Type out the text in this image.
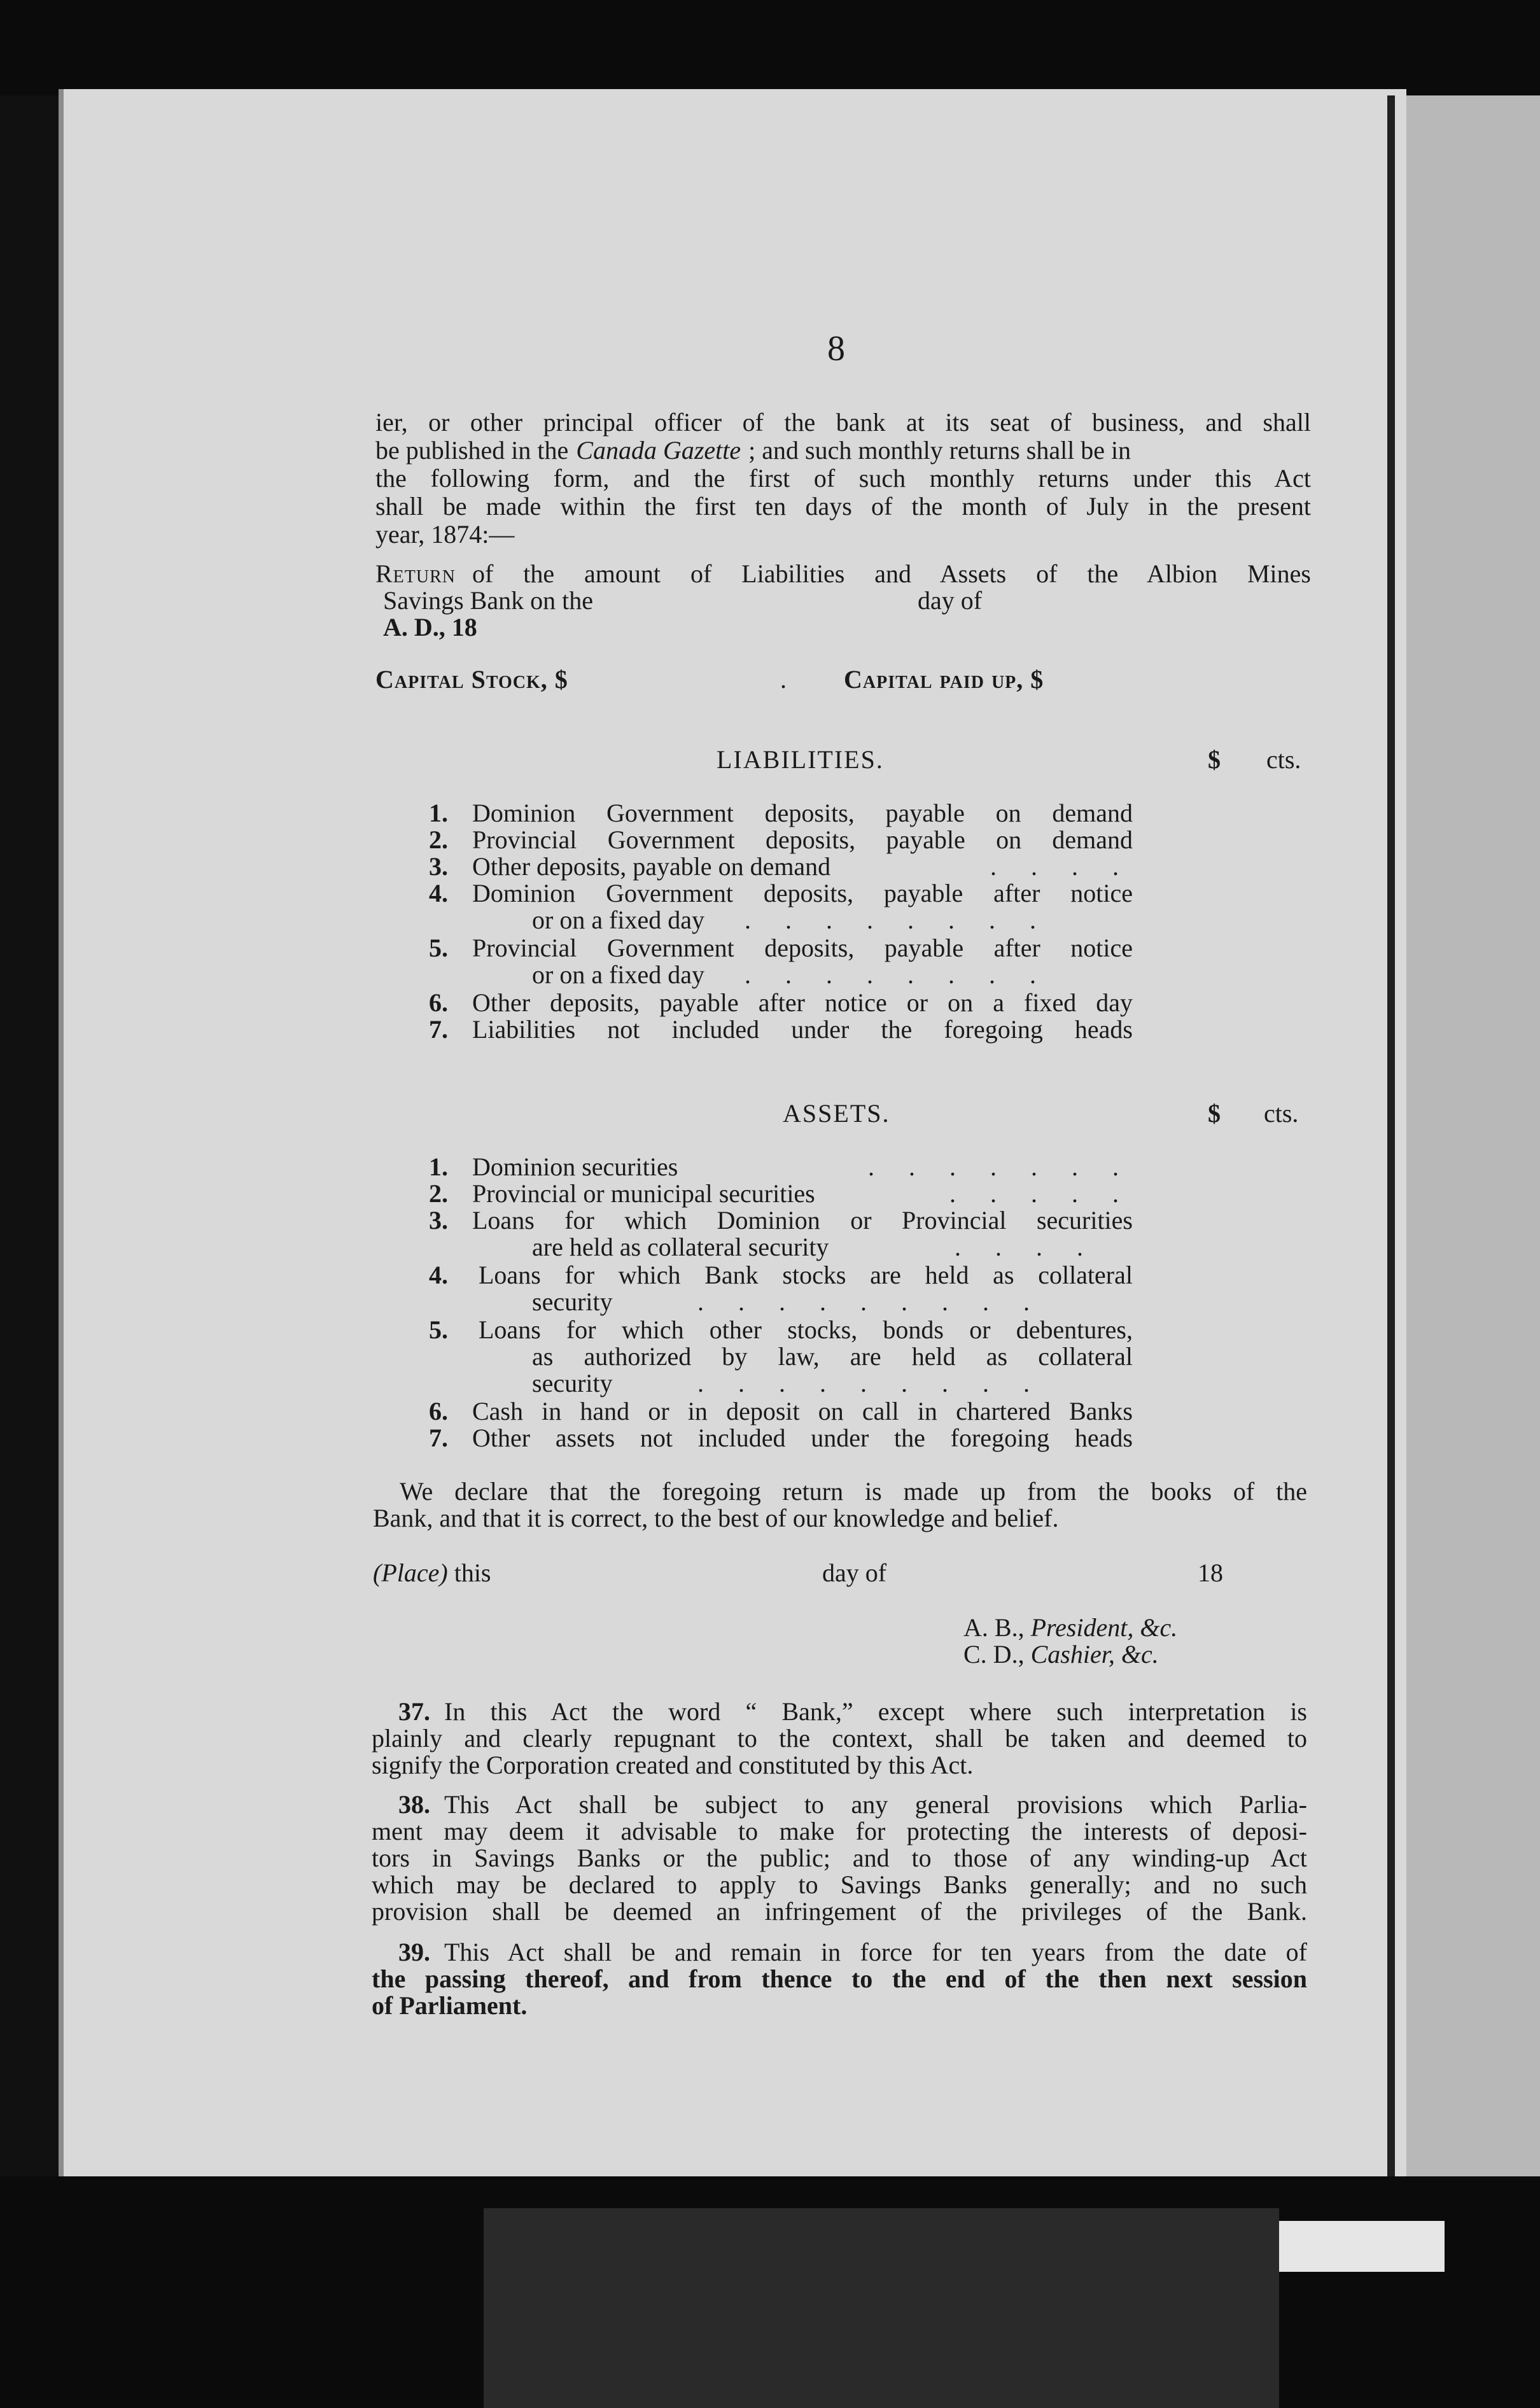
8
ier, or other principal officer of the bank at its seat of business, and shall
be published in the Canada Gazette ; and such monthly returns shall be in
the following form, and the first of such monthly returns under this Act
shall be made within the first ten days of the month of July in the present
year, 1874:—
Return of the amount of Liabilities and Assets of the Albion Mines
Savings Bank on the	day of
A. D., 18
Capital Stock, $	. Capital paid up, $
LIABILITIES.	$ cts.
1. Dominion Government deposits, payable on demand
2. Provincial Government deposits, payable on demand
3. Other deposits, payable on demand	. . . .
4. Dominion Government deposits, payable after notice
or on a fixed day . . . . . . . .
5. Provincial Government deposits, payable after notice
or on a fixed day . . . . . . . .
6. Other deposits, payable after notice or on a fixed day
7. Liabilities not included under the foregoing heads
ASSETS.	$ cts.
1. Dominion securities	. . . . . . .
2. Provincial or municipal securities	. . . . .
3. Loans for which Dominion or Provincial securities
are held as collateral security	. . . .
4. Loans for which Bank stocks are held as collateral
security	. . . . . . . . .
5. Loans for which other stocks, bonds or debentures,
as authorized by law, are held as collateral
security	. . . . . . . . .
6. Cash in hand or in deposit on call in chartered Banks
7. Other assets not included under the foregoing heads
We declare that the foregoing return is made up from the books of the
Bank, and that it is correct, to the best of our knowledge and belief.
(Place) this	day of	18
A. B., President, &c.
C. D., Cashier, &c.
37. In this Act the word “ Bank,” except where such interpretation is
plainly and clearly repugnant to the context, shall be taken and deemed to
signify the Corporation created and constituted by this Act.
38. This Act shall be subject to any general provisions which Parlia-
ment may deem it advisable to make for protecting the interests of deposi-
tors in Savings Banks or the public; and to those of any winding-up Act
which may be declared to apply to Savings Banks generally; and no such
provision shall be deemed an infringement of the privileges of the Bank.
39. This Act shall be and remain in force for ten years from the date of
the passing thereof, and from thence to the end of the then next session
of Parliament.
